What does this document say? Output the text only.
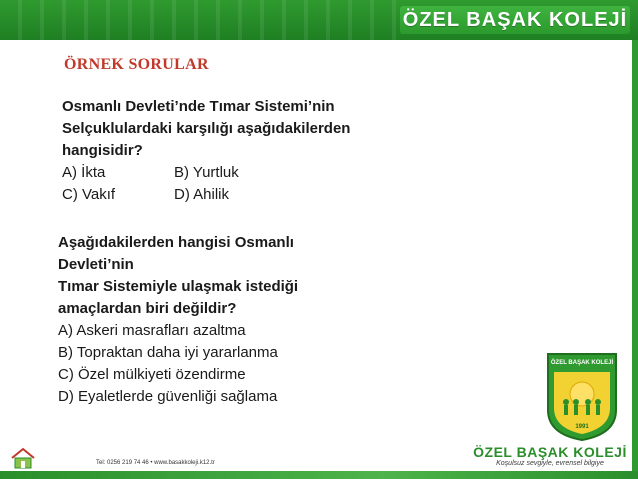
ÖZEL BAŞAK KOLEJİ
ÖRNEK SORULAR
Osmanlı Devleti’nde Tımar Sistemi’nin
Selçuklulardaki karşılığı aşağıdakilerden
hangisidir?
A) İkta	B) Yurtluk
C) Vakıf	D) Ahilik
Aşağıdakilerden hangisi Osmanlı
Devleti’nin
Tımar Sistemiyle ulaşmak istediği
amaçlardan biri değildir?
A) Askeri masrafları azaltma
B) Topraktan daha iyi yararlanma
C) Özel mülkiyeti özendirme
D) Eyaletlerde güvenliği sağlama
ÖZEL BAŞAK KOLEJİ
1991
ÖZEL BAŞAK KOLEJİ
Koşulsuz sevgiyle, evrensel bilgiye
Tel: 0256 219 74 46 • www.basakkoleji.k12.tr
